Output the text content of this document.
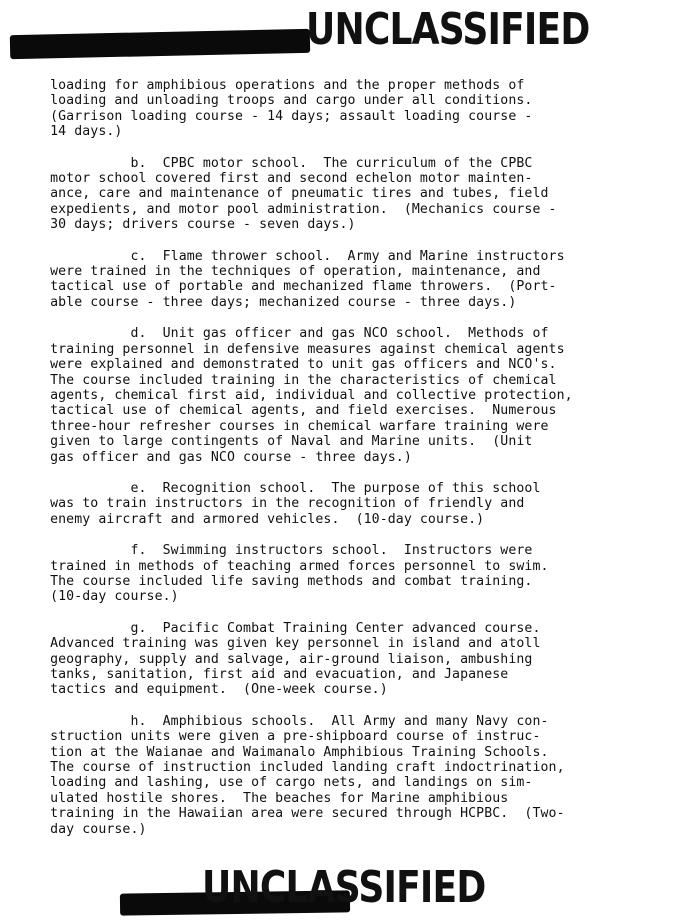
UNCLASSIFIED

loading for amphibious operations and the proper methods of
loading and unloading troops and cargo under all conditions.
(Garrison loading course - 14 days; assault loading course -
14 days.)

b.  CPBC motor school.  The curriculum of the CPBC
motor school covered first and second echelon motor mainten-
ance, care and maintenance of pneumatic tires and tubes, field
expedients, and motor pool administration.  (Mechanics course -
30 days; drivers course - seven days.)

c.  Flame thrower school.  Army and Marine instructors
were trained in the techniques of operation, maintenance, and
tactical use of portable and mechanized flame throwers.  (Port-
able course - three days; mechanized course - three days.)

d.  Unit gas officer and gas NCO school.  Methods of
training personnel in defensive measures against chemical agents
were explained and demonstrated to unit gas officers and NCO's.
The course included training in the characteristics of chemical
agents, chemical first aid, individual and collective protection,
tactical use of chemical agents, and field exercises.  Numerous
three-hour refresher courses in chemical warfare training were
given to large contingents of Naval and Marine units.  (Unit
gas officer and gas NCO course - three days.)

e.  Recognition school.  The purpose of this school
was to train instructors in the recognition of friendly and
enemy aircraft and armored vehicles.  (10-day course.)

f.  Swimming instructors school.  Instructors were
trained in methods of teaching armed forces personnel to swim.
The course included life saving methods and combat training.
(10-day course.)

g.  Pacific Combat Training Center advanced course.
Advanced training was given key personnel in island and atoll
geography, supply and salvage, air-ground liaison, ambushing
tanks, sanitation, first aid and evacuation, and Japanese
tactics and equipment.  (One-week course.)

h.  Amphibious schools.  All Army and many Navy con-
struction units were given a pre-shipboard course of instruc-
tion at the Waianae and Waimanalo Amphibious Training Schools.
The course of instruction included landing craft indoctrination,
loading and lashing, use of cargo nets, and landings on sim-
ulated hostile shores.  The beaches for Marine amphibious
training in the Hawaiian area were secured through HCPBC.  (Two-
day course.)

UNCLASSIFIED
